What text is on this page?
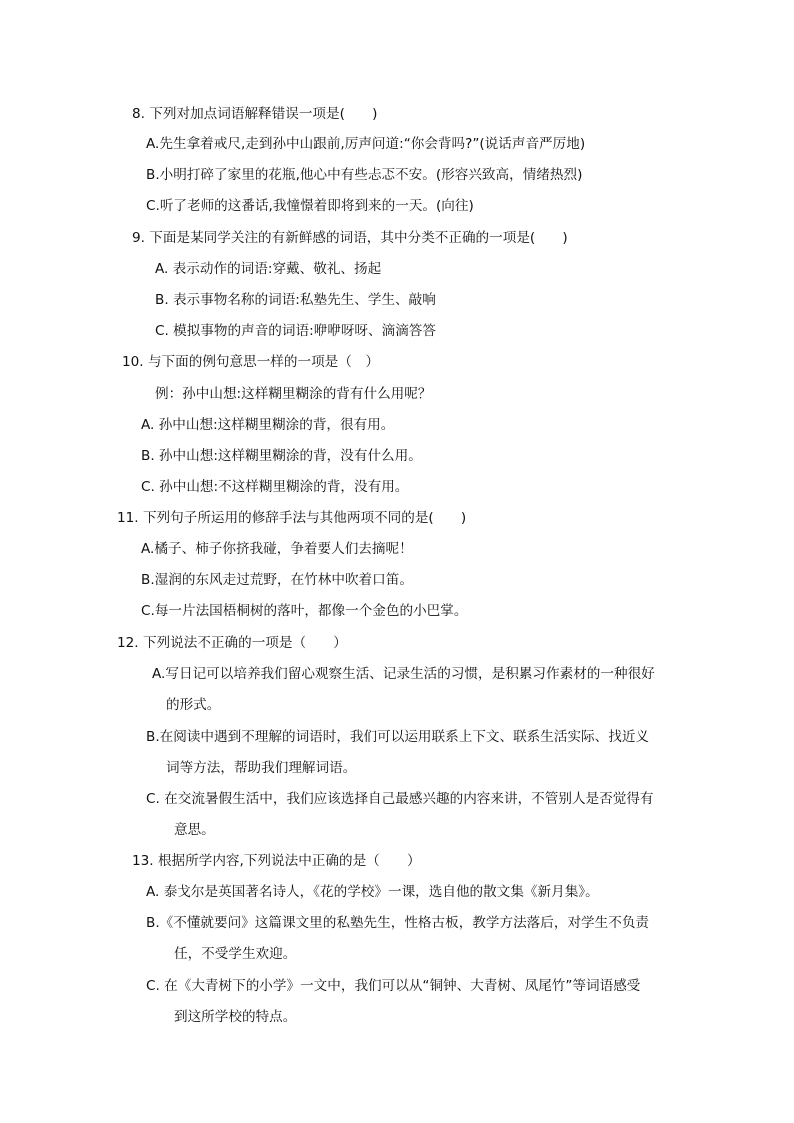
8. 下列对加点词语解释错误一项是(　　)
A.先生拿着戒尺,走到孙中山跟前,厉声问道:“你会背吗?”(说话声音严厉地)
B.小明打碎了家里的花瓶,他心中有些忐忑不安。(形容兴致高，情绪热烈)
C.听了老师的这番话,我憧憬着即将到来的一天。(向往)
9. 下面是某同学关注的有新鲜感的词语，其中分类不正确的一项是(　　)
A. 表示动作的词语:穿戴、敬礼、扬起
B. 表示事物名称的词语:私塾先生、学生、敲响
C. 模拟事物的声音的词语:咿咿呀呀、滴滴答答
10. 与下面的例句意思一样的一项是（　）
例：孙中山想:这样糊里糊涂的背有什么用呢？
A. 孙中山想:这样糊里糊涂的背，很有用。
B. 孙中山想:这样糊里糊涂的背，没有什么用。
C. 孙中山想:不这样糊里糊涂的背，没有用。
11. 下列句子所运用的修辞手法与其他两项不同的是(　　)
A.橘子、柿子你挤我碰，争着要人们去摘呢！
B.湿润的东风走过荒野，在竹林中吹着口笛。
C.每一片法国梧桐树的落叶，都像一个金色的小巴掌。
12. 下列说法不正确的一项是（　　）
A.写日记可以培养我们留心观察生活、记录生活的习惯，是积累习作素材的一种很好
的形式。
B.在阅读中遇到不理解的词语时，我们可以运用联系上下文、联系生活实际、找近义
词等方法，帮助我们理解词语。
C. 在交流暑假生活中，我们应该选择自己最感兴趣的内容来讲，不管别人是否觉得有
意思。
13. 根据所学内容,下列说法中正确的是（　　）
A. 泰戈尔是英国著名诗人，《花的学校》一课，选自他的散文集《新月集》。
B.《不懂就要问》这篇课文里的私塾先生，性格古板，教学方法落后，对学生不负责
任，不受学生欢迎。
C. 在《大青树下的小学》一文中，我们可以从“铜钟、大青树、凤尾竹”等词语感受
到这所学校的特点。
